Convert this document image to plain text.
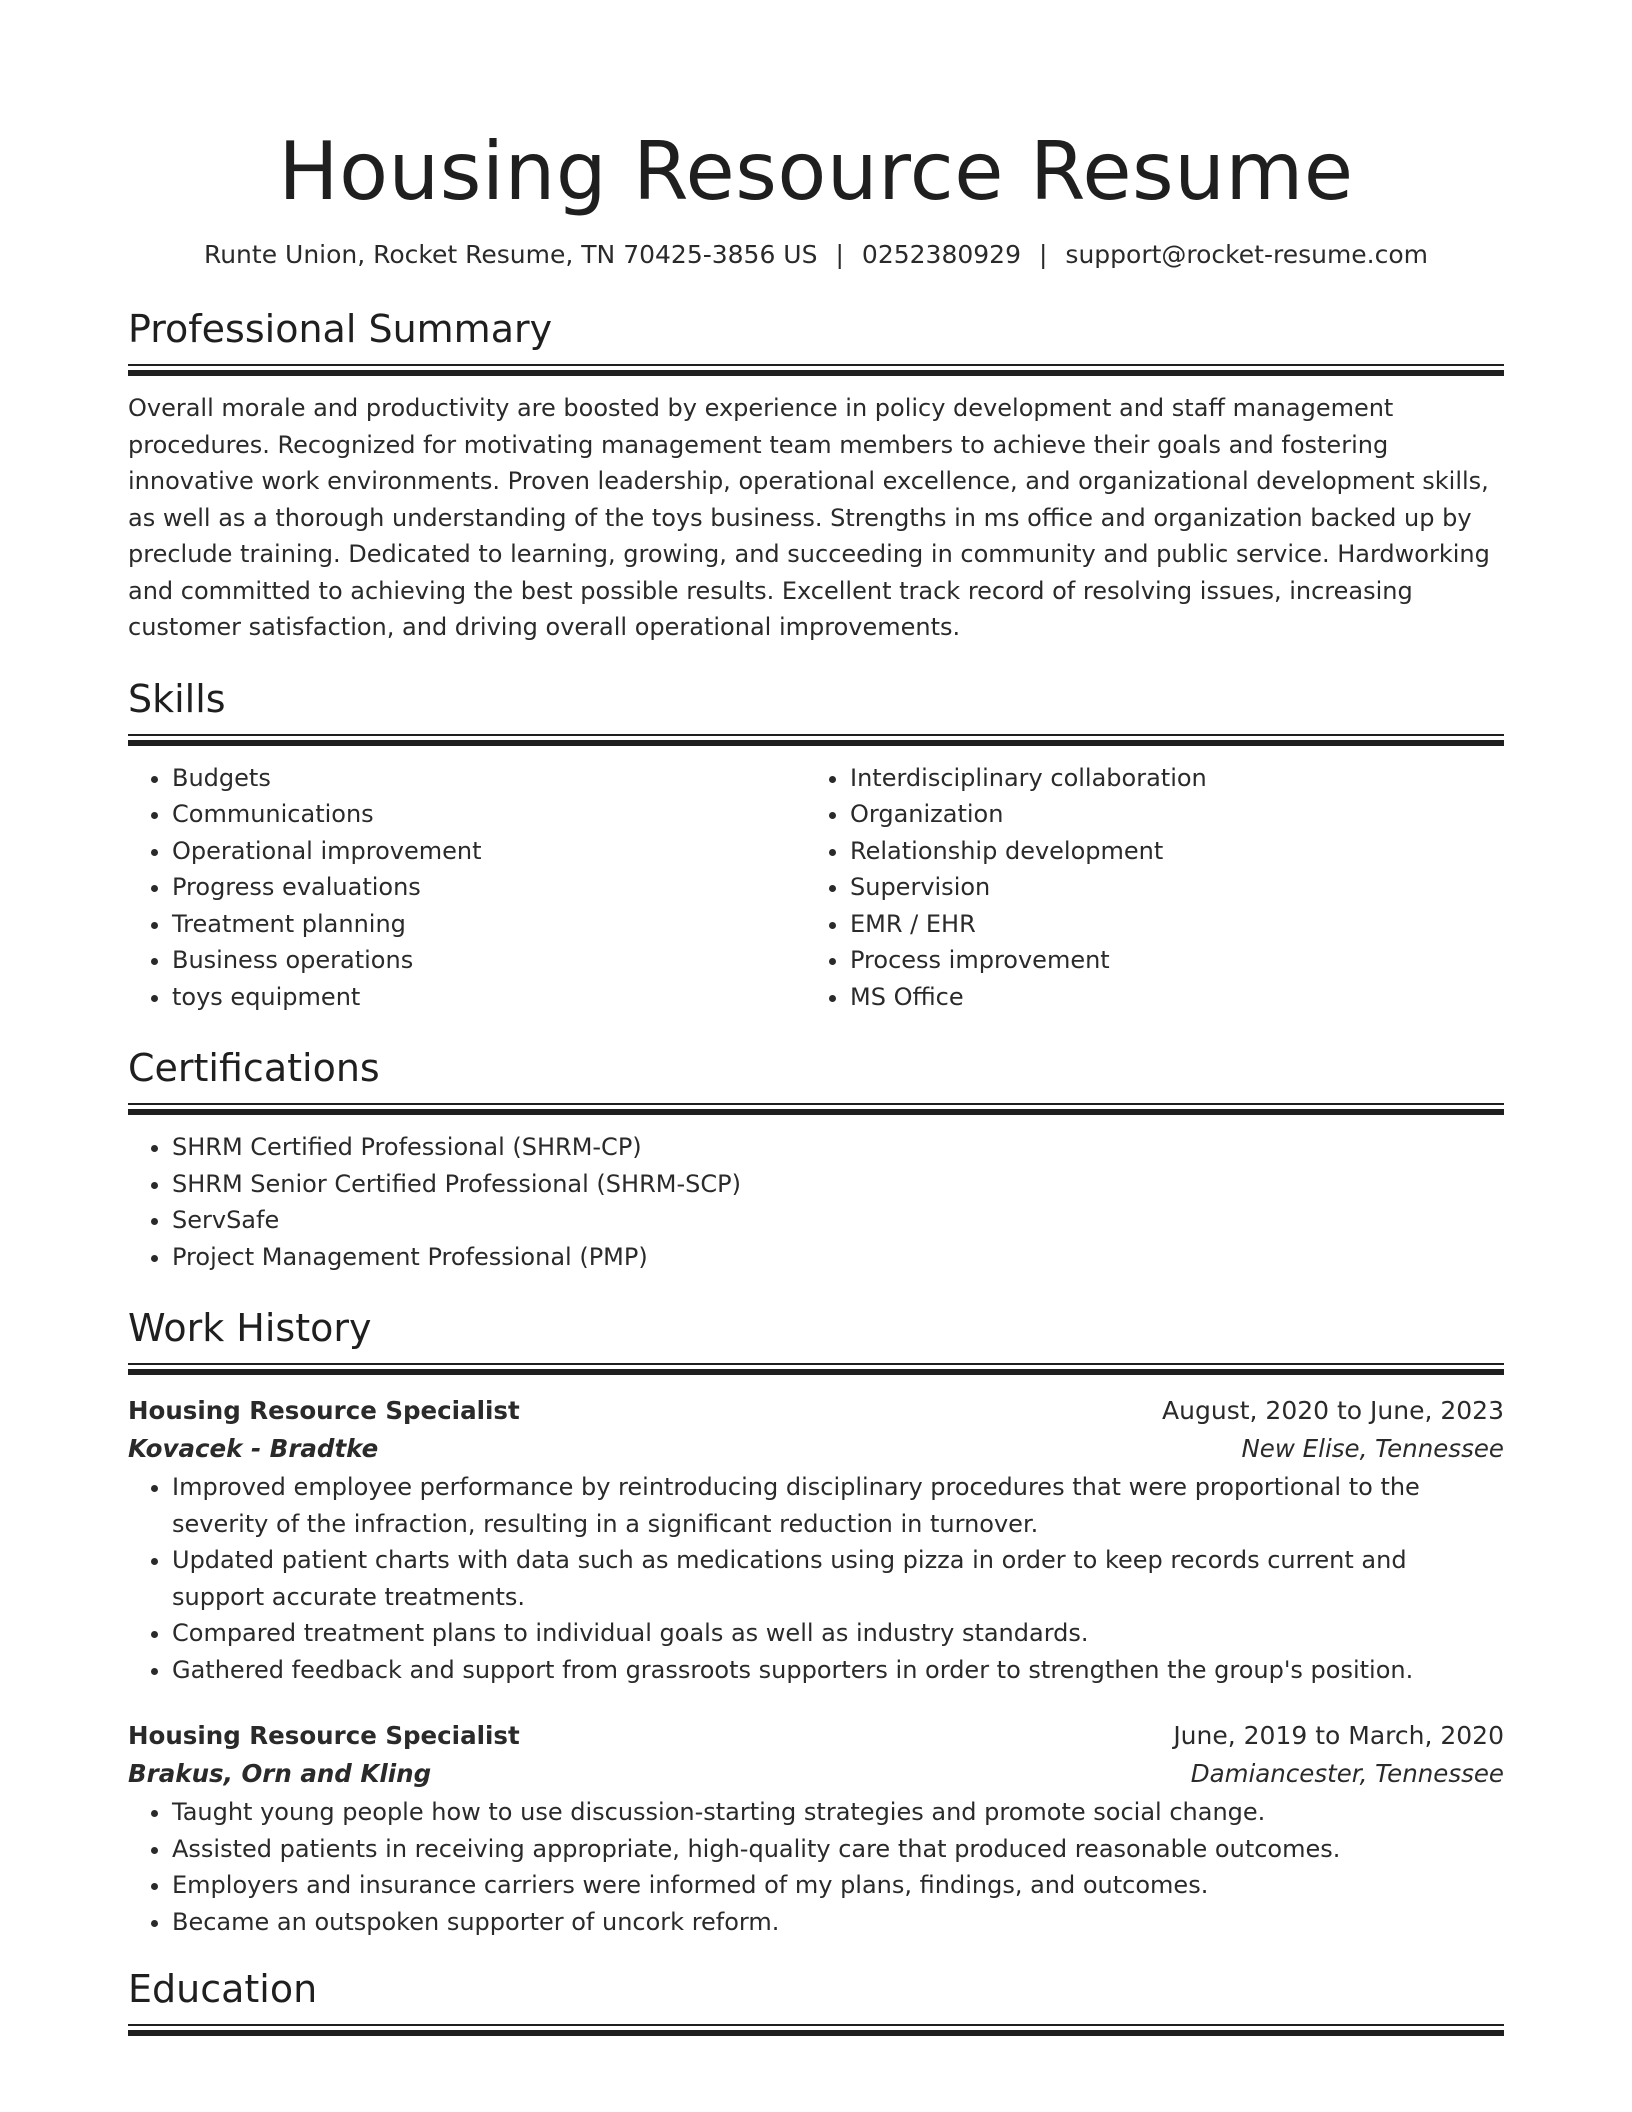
Housing Resource Resume
Runte Union, Rocket Resume, TN 70425-3856 US | 0252380929 | support@rocket-resume.com
Professional Summary
Overall morale and productivity are boosted by experience in policy development and staff management procedures. Recognized for motivating management team members to achieve their goals and fostering innovative work environments. Proven leadership, operational excellence, and organizational development skills, as well as a thorough understanding of the toys business. Strengths in ms office and organization backed up by preclude training. Dedicated to learning, growing, and succeeding in community and public service. Hardworking and committed to achieving the best possible results. Excellent track record of resolving issues, increasing customer satisfaction, and driving overall operational improvements.
Skills
• Budgets
• Communications
• Operational improvement
• Progress evaluations
• Treatment planning
• Business operations
• toys equipment
• Interdisciplinary collaboration
• Organization
• Relationship development
• Supervision
• EMR / EHR
• Process improvement
• MS Office
Certifications
• SHRM Certified Professional (SHRM-CP)
• SHRM Senior Certified Professional (SHRM-SCP)
• ServSafe
• Project Management Professional (PMP)
Work History
Housing Resource Specialist	August, 2020 to June, 2023
Kovacek - Bradtke	New Elise, Tennessee
• Improved employee performance by reintroducing disciplinary procedures that were proportional to the severity of the infraction, resulting in a significant reduction in turnover.
• Updated patient charts with data such as medications using pizza in order to keep records current and support accurate treatments.
• Compared treatment plans to individual goals as well as industry standards.
• Gathered feedback and support from grassroots supporters in order to strengthen the group's position.
Housing Resource Specialist	June, 2019 to March, 2020
Brakus, Orn and Kling	Damiancester, Tennessee
• Taught young people how to use discussion-starting strategies and promote social change.
• Assisted patients in receiving appropriate, high-quality care that produced reasonable outcomes.
• Employers and insurance carriers were informed of my plans, findings, and outcomes.
• Became an outspoken supporter of uncork reform.
Education
